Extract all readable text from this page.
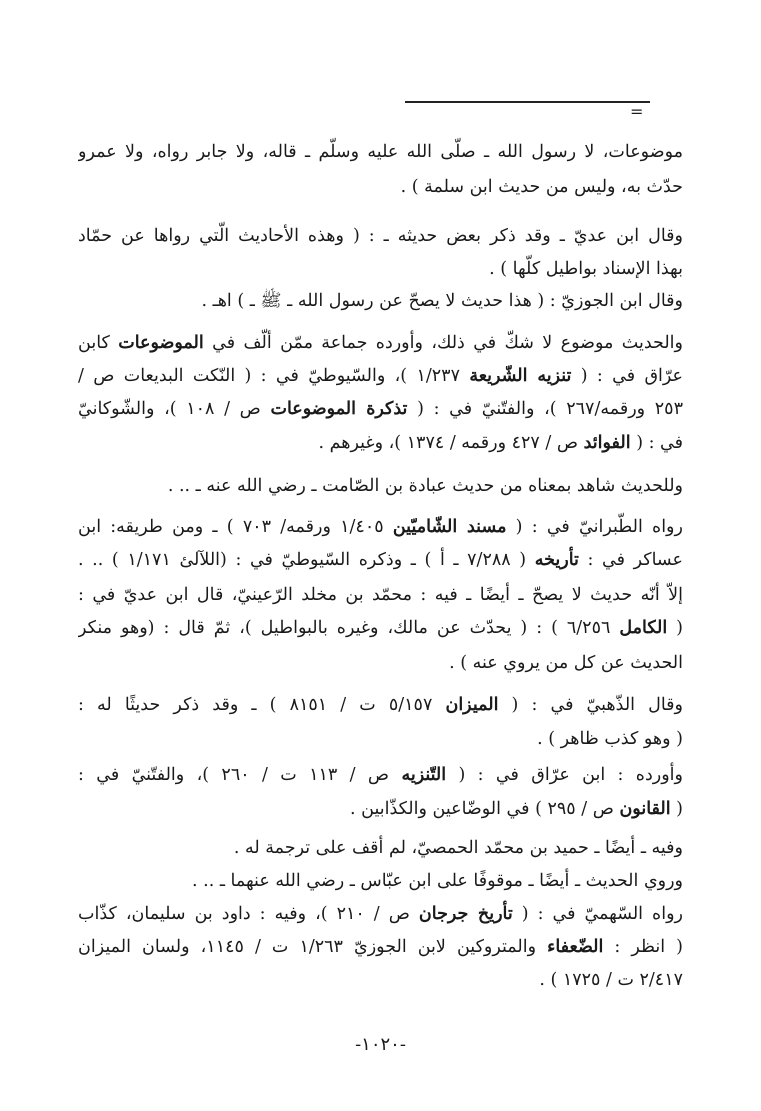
=
موضوعات، لا رسول الله ـ صلّى الله عليه وسلّم ـ قاله، ولا جابر رواه، ولا عمرو
حدّث به، وليس من حديث ابن سلمة ) .
وقال ابن عديّ ـ وقد ذكر بعض حديثه ـ : ( وهذه الأحاديث الّتي رواها عن حمّاد
بهذا الإسناد بواطيل كلّها ) .
وقال ابن الجوزيّ : ( هذا حديث لا يصحّ عن رسول الله ـ ﷺ ـ ) اهـ .
والحديث موضوع لا شكّ في ذلك، وأورده جماعة ممّن ألّف في الموضوعات كابن
عرّاق في : ( تنزيه الشّريعة ١/٢٣٧ )، والسّيوطيّ في : ( النّكت البديعات ص /
٢٥٣ ورقمه/٢٦٧ )، والفتّنيّ في : ( تذكرة الموضوعات ص / ١٠٨ )، والشّوكانيّ
في : ( الفوائد ص / ٤٢٧ ورقمه / ١٣٧٤ )، وغيرهم .
وللحديث شاهد بمعناه من حديث عبادة بن الصّامت ـ رضي الله عنه ـ .. .
رواه الطّبرانيّ في : ( مسند الشّاميّين ١/٤٠٥ ورقمه/ ٧٠٣ ) ـ ومن طريقه: ابن
عساكر في : تأريخه ( ٧/٢٨٨ ـ أ ) ـ وذكره السّيوطيّ في : (اللآلئ ١/١٧١ ) .. .
إلاّ أنّه حديث لا يصحّ ـ أيضًا ـ فيه : محمّد بن مخلد الرّعينيّ، قال ابن عديّ في :
( الكامل ٦/٢٥٦ ) : ( يحدّث عن مالك، وغيره بالبواطيل )، ثمّ قال : (وهو منكر
الحديث عن كل من يروي عنه ) .
وقال الذّهبيّ في : ( الميزان ٥/١٥٧ ت / ٨١٥١ ) ـ وقد ذكر حديثًا له :
( وهو كذب ظاهر ) .
وأورده : ابن عرّاق في : ( التّنزيه ص / ١١٣ ت / ٢٦٠ )، والفتّنيّ في :
( القانون ص / ٢٩٥ ) في الوضّاعين والكذّابين .
وفيه ـ أيضًا ـ حميد بن محمّد الحمصيّ، لم أقف على ترجمة له .
وروي الحديث ـ أيضًا ـ موقوفًا على ابن عبّاس ـ رضي الله عنهما ـ .. .
رواه السّهميّ في : ( تأريخ جرجان ص / ٢١٠ )، وفيه : داود بن سليمان، كذّاب
( انظر : الضّعفاء والمتروكين لابن الجوزيّ ١/٢٦٣ ت / ١١٤٥، ولسان الميزان
٢/٤١٧ ت / ١٧٢٥ ) .
-١٠٢٠-
